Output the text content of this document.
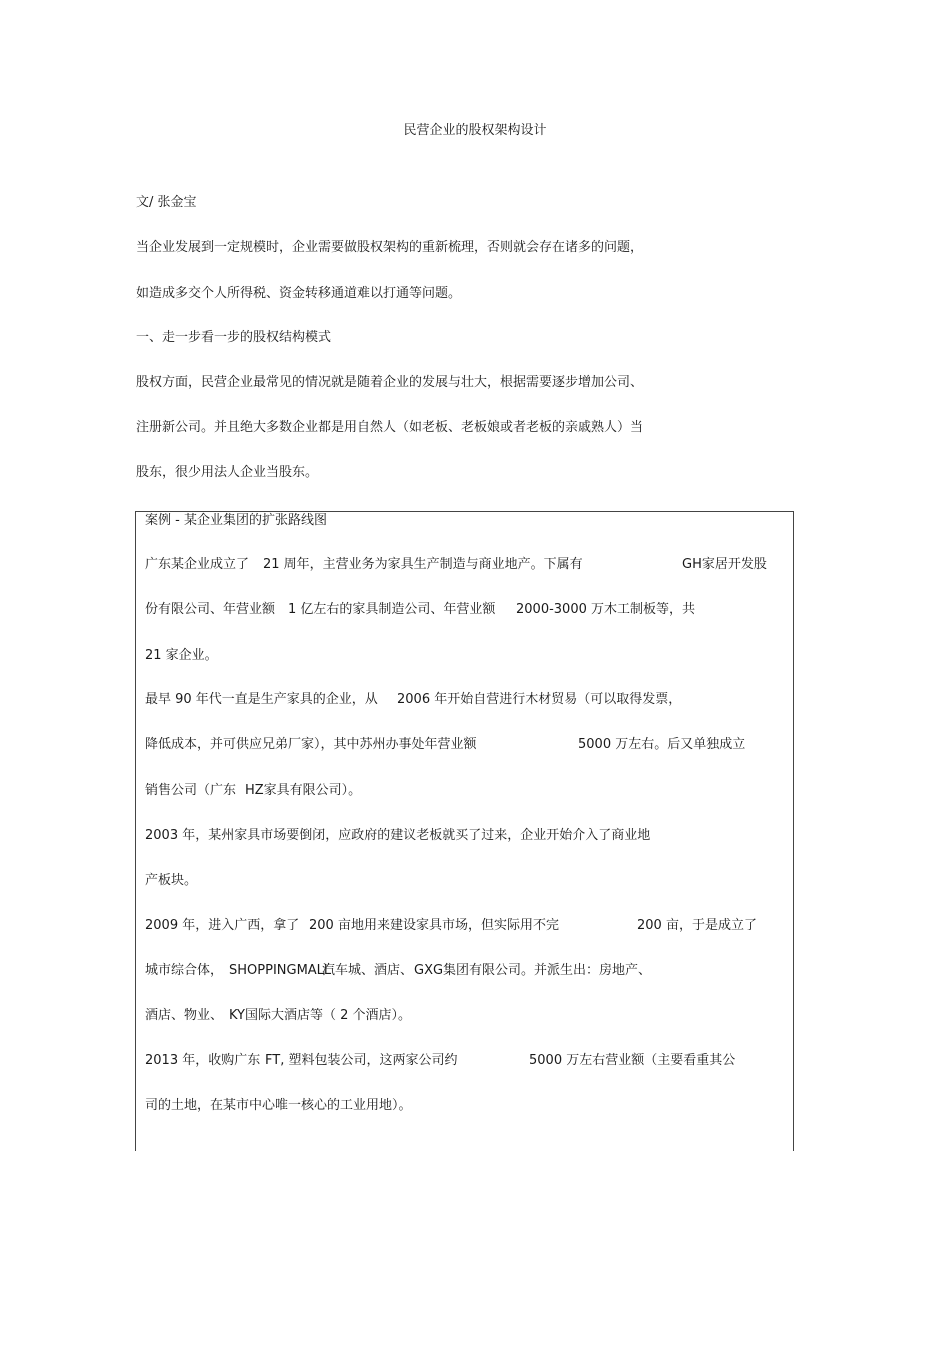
民营企业的股权架构设计
文/ 张金宝
当企业发展到一定规模时，企业需要做股权架构的重新梳理，否则就会存在诸多的问题，
如造成多交个人所得税、资金转移通道难以打通等问题。
一、走一步看一步的股权结构模式
股权方面，民营企业最常见的情况就是随着企业的发展与壮大，根据需要逐步增加公司、
注册新公司。并且绝大多数企业都是用自然人（如老板、老板娘或者老板的亲戚熟人）当
股东，很少用法人企业当股东。
案例 - 某企业集团的扩张路线图
广东某企业成立了 21 周年，主营业务为家具生产制造与商业地产。下属有	GH家居开发股
份有限公司、年营业额 1 亿左右的家具制造公司、年营业额 2000-3000 万木工制板等，共
21 家企业。
最早 90 年代一直是生产家具的企业，从 2006 年开始自营进行木材贸易（可以取得发票，
降低成本，并可供应兄弟厂家），其中苏州办事处年营业额	5000 万左右。后又单独成立
销售公司（广东 HZ家具有限公司）。
2003 年，某州家具市场要倒闭，应政府的建议老板就买了过来，企业开始介入了商业地
产板块。
2009 年，进入广西，拿了 200 亩地用来建设家具市场，但实际用不完	200 亩，于是成立了
城市综合体， SHOPPINGMALL
汽车城、酒店、 GXG集团有限公司。并派生出：房地产、
酒店、物业、 KY国际大酒店等（ 2 个酒店）。
2013 年，收购广东 FT, 塑料包装公司，这两家公司约	5000 万左右营业额（主要看重其公
司的土地，在某市中心唯一核心的工业用地）。
